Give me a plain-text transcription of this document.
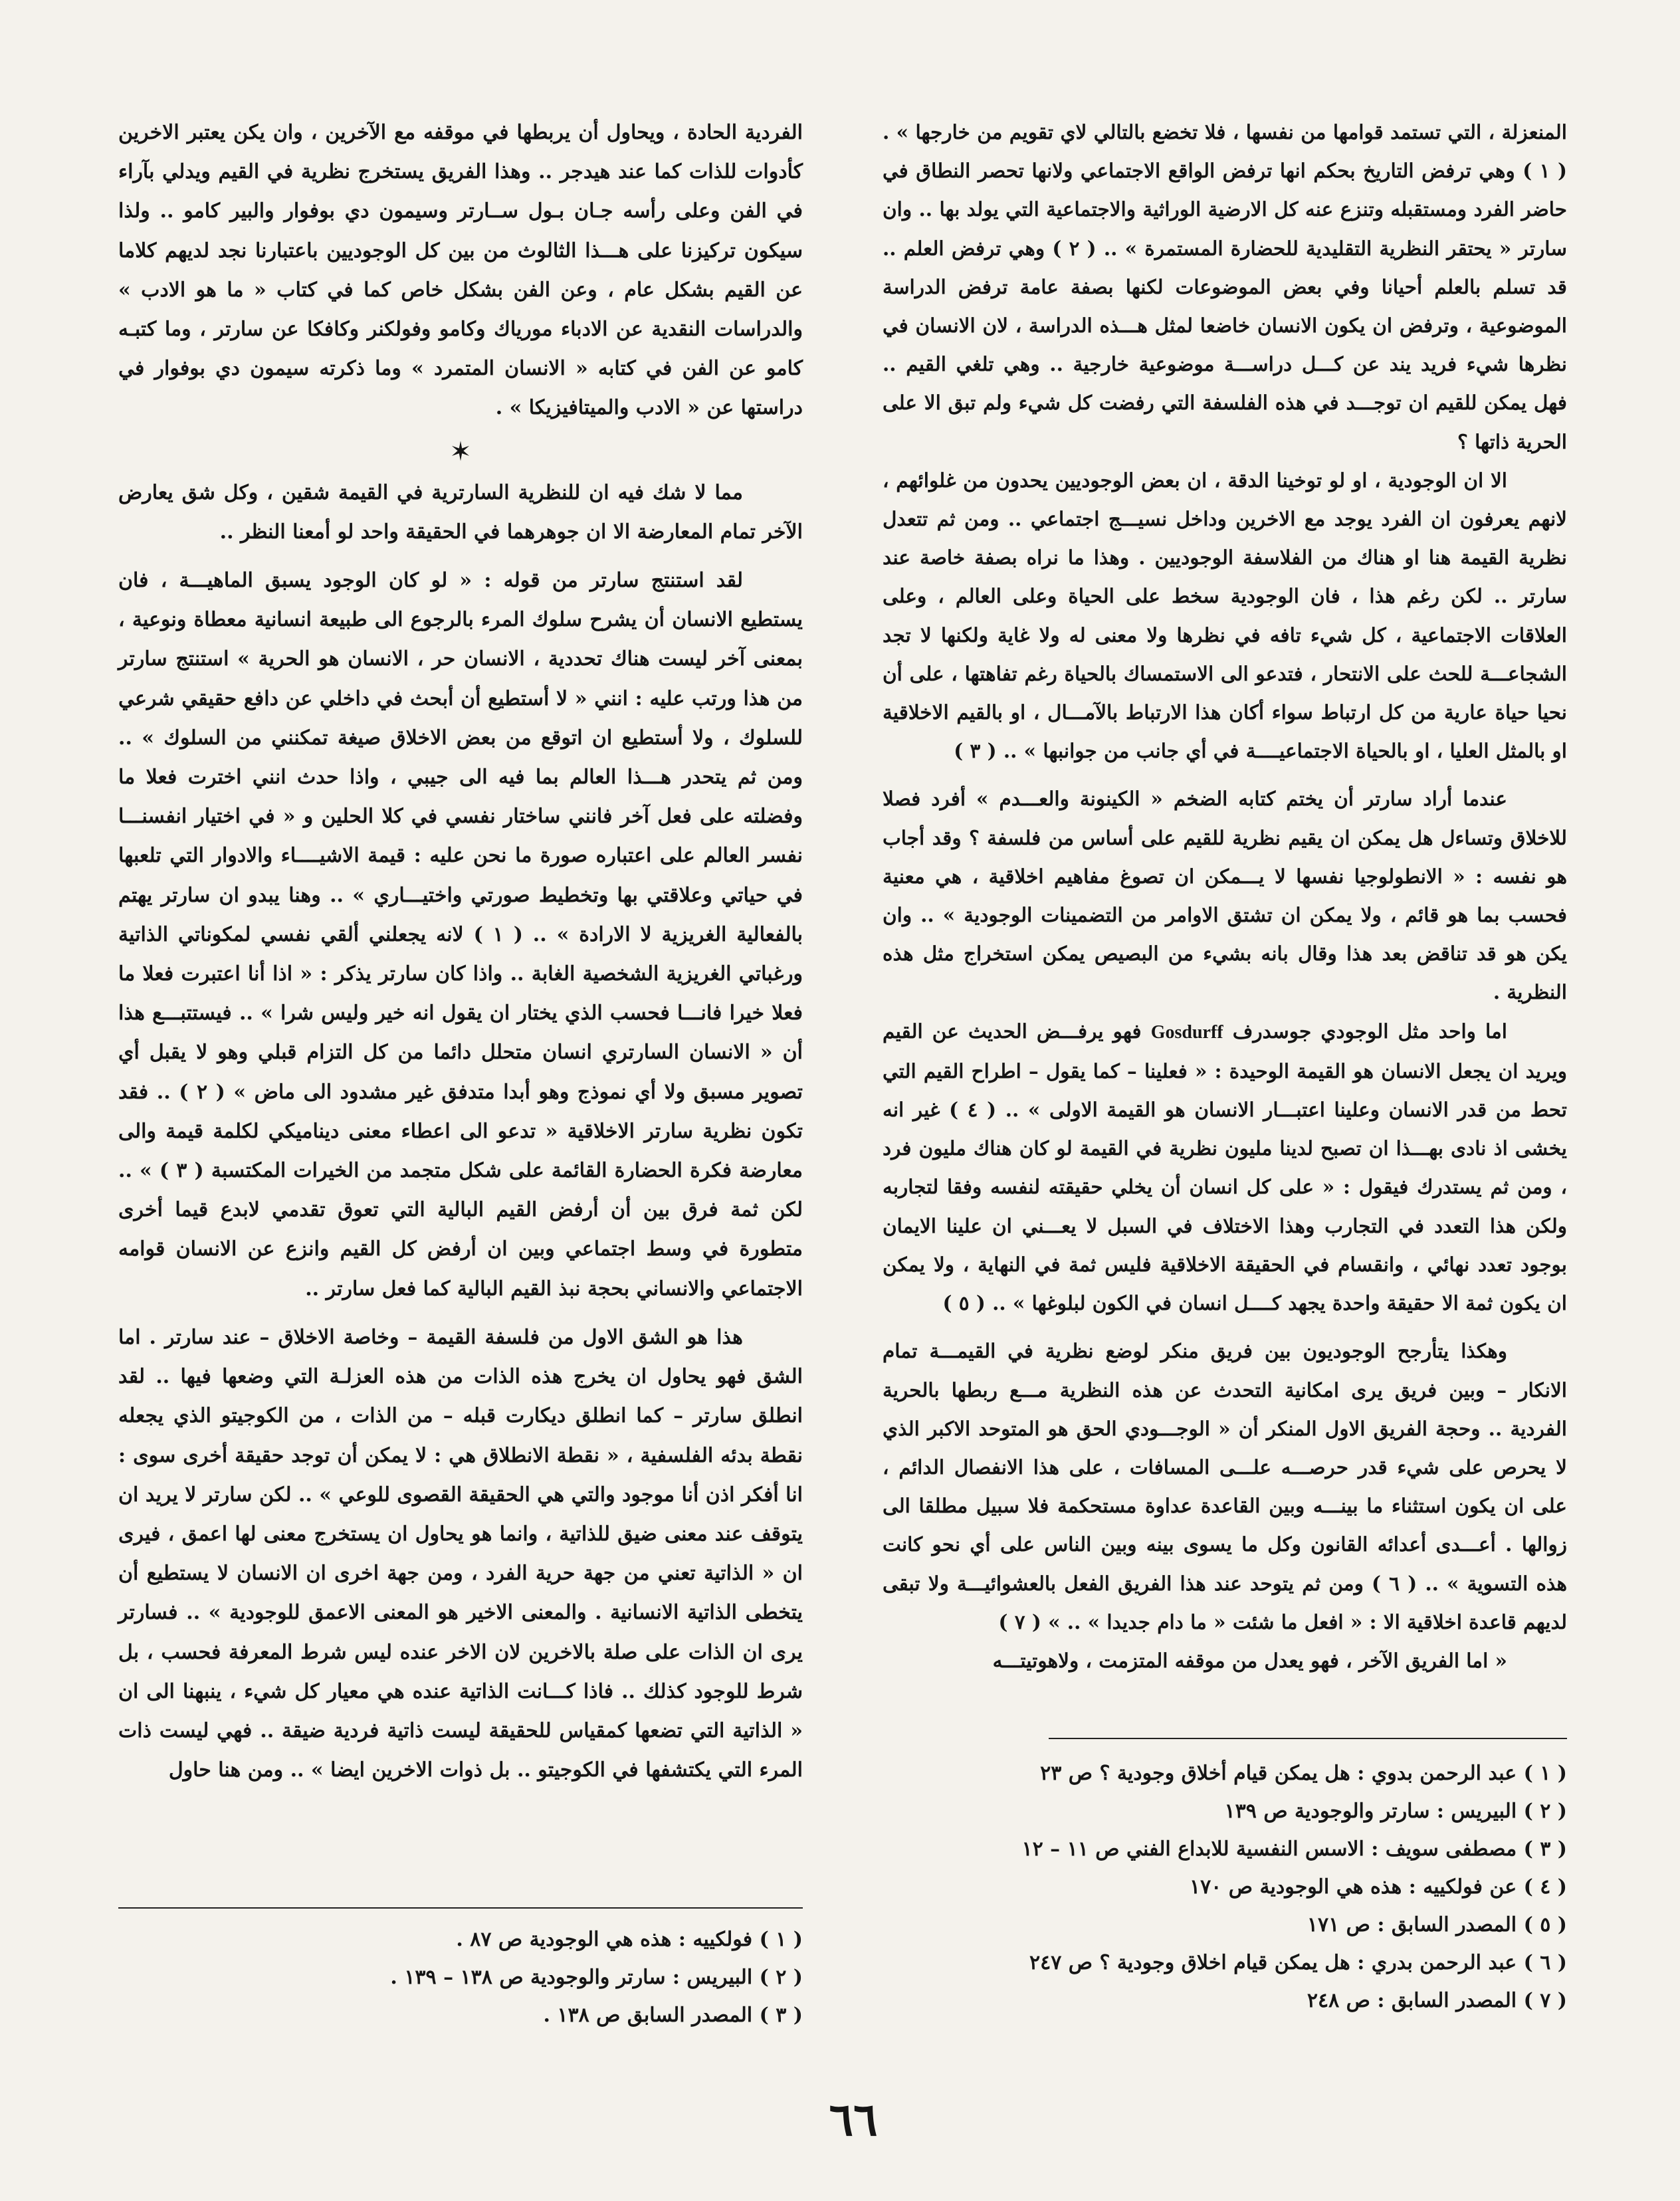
المنعزلة ، التي تستمد قوامها من نفسها ، فلا تخضع بالتالي لاي تقويم من خارجها » . ( ١ ) وهي ترفض التاريخ بحكم انها ترفض الواقع الاجتماعي ولانها تحصر النطاق في حاضر الفرد ومستقبله وتنزع عنه كل الارضية الوراثية والاجتماعية التي يولد بها .. وان سارتر « يحتقر النظرية التقليدية للحضارة المستمرة » .. ( ٢ ) وهي ترفض العلم .. قد تسلم بالعلم أحيانا وفي بعض الموضوعات لكنها بصفة عامة ترفض الدراسة الموضوعية ، وترفض ان يكون الانسان خاضعا لمثل هـــذه الدراسة ، لان الانسان في نظرها شيء فريد يند عن كـــل دراســـة موضوعية خارجية .. وهي تلغي القيم .. فهل يمكن للقيم ان توجـــد في هذه الفلسفة التي رفضت كل شيء ولم تبق الا على الحرية ذاتها ؟

الا ان الوجودية ، او لو توخينا الدقة ، ان بعض الوجوديين يحدون من غلوائهم ، لانهم يعرفون ان الفرد يوجد مع الاخرين وداخل نسيـــج اجتماعي .. ومن ثم تتعدل نظرية القيمة هنا او هناك من الفلاسفة الوجوديين . وهذا ما نراه بصفة خاصة عند سارتر .. لكن رغم هذا ، فان الوجودية سخط على الحياة وعلى العالم ، وعلى العلاقات الاجتماعية ، كل شيء تافه في نظرها ولا معنى له ولا غاية ولكنها لا تجد الشجاعـــة للحث على الانتحار ، فتدعو الى الاستمساك بالحياة رغم تفاهتها ، على أن نحيا حياة عارية من كل ارتباط سواء أكان هذا الارتباط بالآمـــال ، او بالقيم الاخلاقية او بالمثل العليا ، او بالحياة الاجتماعيــــة في أي جانب من جوانبها » .. ( ٣ )

عندما أراد سارتر أن يختم كتابه الضخم « الكينونة والعـــدم » أفرد فصلا للاخلاق وتساءل هل يمكن ان يقيم نظرية للقيم على أساس من فلسفة ؟ وقد أجاب هو نفسه : « الانطولوجيا نفسها لا يـــمكن ان تصوغ مفاهيم اخلاقية ، هي معنية فحسب بما هو قائم ، ولا يمكن ان تشتق الاوامر من التضمينات الوجودية » .. وان يكن هو قد تناقض بعد هذا وقال بانه بشيء من البصيص يمكن استخراج مثل هذه النظرية .

اما واحد مثل الوجودي جوسدرف Gosdurff فهو يرفـــض الحديث عن القيم ويريد ان يجعل الانسان هو القيمة الوحيدة : « فعلينا – كما يقول – اطراح القيم التي تحط من قدر الانسان وعلينا اعتبـــار الانسان هو القيمة الاولى » .. ( ٤ ) غير انه يخشى اذ نادى بهـــذا ان تصبح لدينا مليون نظرية في القيمة لو كان هناك مليون فرد ، ومن ثم يستدرك فيقول : « على كل انسان أن يخلي حقيقته لنفسه وفقا لتجاربه ولكن هذا التعدد في التجارب وهذا الاختلاف في السبل لا يعـــني ان علينا الايمان بوجود تعدد نهائي ، وانقسام في الحقيقة الاخلاقية فليس ثمة في النهاية ، ولا يمكن ان يكون ثمة الا حقيقة واحدة يجهد كــــل انسان في الكون لبلوغها » .. ( ٥ )

وهكذا يتأرجح الوجوديون بين فريق منكر لوضع نظرية في القيمـــة تمام الانكار – وبين فريق يرى امكانية التحدث عن هذه النظرية مـــع ربطها بالحرية الفردية .. وحجة الفريق الاول المنكر أن « الوجـــودي الحق هو المتوحد الاكبر الذي لا يحرص على شيء قدر حرصـــه علـــى المسافات ، على هذا الانفصال الدائم ، على ان يكون استثناء ما بينـــه وبين القاعدة عداوة مستحكمة فلا سبيل مطلقا الى زوالها . أعـــدى أعدائه القانون وكل ما يسوى بينه وبين الناس على أي نحو كانت هذه التسوية » .. ( ٦ ) ومن ثم يتوحد عند هذا الفريق الفعل بالعشوائيـــة ولا تبقى لديهم قاعدة اخلاقية الا : « افعل ما شئت « ما دام جديدا » .. » ( ٧ )

« اما الفريق الآخر ، فهو يعدل من موقفه المتزمت ، ولاهوتيتـــه

( ١ ) عبد الرحمن بدوي : هل يمكن قيام أخلاق وجودية ؟ ص ٢٣
( ٢ ) البيريس : سارتر والوجودية ص ١٣٩
( ٣ ) مصطفى سويف : الاسس النفسية للابداع الفني ص ١١ – ١٢
( ٤ ) عن فولكييه : هذه هي الوجودية ص ١٧٠
( ٥ ) المصدر السابق : ص ١٧١
( ٦ ) عبد الرحمن بدري : هل يمكن قيام اخلاق وجودية ؟ ص ٢٤٧
( ٧ ) المصدر السابق : ص ٢٤٨

الفردية الحادة ، ويحاول أن يربطها في موقفه مع الآخرين ، وان يكن يعتبر الاخرين كأدوات للذات كما عند هيدجر .. وهذا الفريق يستخرج نظرية في القيم ويدلي بآراء في الفن وعلى رأسه جـان بـول ســارتر وسيمون دي بوفوار والبير كامو .. ولذا سيكون تركيزنا على هـــذا الثالوث من بين كل الوجوديين باعتبارنا نجد لديهم كلاما عن القيم بشكل عام ، وعن الفن بشكل خاص كما في كتاب « ما هو الادب » والدراسات النقدية عن الادباء موریاك وكامو وفولكنر وكافكا عن سارتر ، وما كتبـه كامو عن الفن في كتابه « الانسان المتمرد » وما ذكرته سيمون دي بوفوار في دراستها عن « الادب والميتافيزيكا » .

✶

مما لا شك فيه ان للنظرية السارترية في القيمة شقين ، وكل شق يعارض الآخر تمام المعارضة الا ان جوهرهما في الحقيقة واحد لو أمعنا النظر ..

لقد استنتج سارتر من قوله : « لو كان الوجود يسبق الماهيـــة ، فان يستطيع الانسان أن يشرح سلوك المرء بالرجوع الى طبيعة انسانية معطاة ونوعية ، بمعنى آخر ليست هناك تحددية ، الانسان حر ، الانسان هو الحرية » استنتج سارتر من هذا ورتب عليه : انني « لا أستطيع أن أبحث في داخلي عن دافع حقيقي شرعي للسلوك ، ولا أستطيع ان اتوقع من بعض الاخلاق صيغة تمكنني من السلوك » .. ومن ثم يتحدر هـــذا العالم بما فيه الى جيبي ، واذا حدث انني اخترت فعلا ما وفضلته على فعل آخر فانني ساختار نفسي في كلا الحلين و « في اختيار انفسنـــا نفسر العالم على اعتباره صورة ما نحن عليه : قيمة الاشيــــاء والادوار التي تلعبها في حياتي وعلاقتي بها وتخطيط صورتي واختيـــاري » .. وهنا يبدو ان سارتر يهتم بالفعالية الغريزية لا الارادة » .. ( ١ ) لانه يجعلني ألقي نفسي لمكوناتي الذاتية ورغباتي الغريزية الشخصية الغابة .. واذا كان سارتر يذكر : « اذا أنا اعتبرت فعلا ما فعلا خيرا فانـــا فحسب الذي يختار ان يقول انه خير وليس شرا » .. فيستتبـــع هذا أن « الانسان السارتري انسان متحلل دائما من كل التزام قبلي وهو لا يقبل أي تصوير مسبق ولا أي نموذج وهو أبدا متدفق غير مشدود الى ماض » ( ٢ ) .. فقد تكون نظرية سارتر الاخلاقية « تدعو الى اعطاء معنى ديناميكي لكلمة قيمة والى معارضة فكرة الحضارة القائمة على شكل متجمد من الخيرات المكتسبة ( ٣ ) » .. لكن ثمة فرق بين أن أرفض القيم البالية التي تعوق تقدمي لابدع قيما أخرى متطورة في وسط اجتماعي وبين ان أرفض كل القيم وانزع عن الانسان قوامه الاجتماعي والانساني بحجة نبذ القيم البالية كما فعل سارتر ..

هذا هو الشق الاول من فلسفة القيمة – وخاصة الاخلاق – عند سارتر . اما الشق فهو يحاول ان يخرج هذه الذات من هذه العزلـة التي وضعها فيها .. لقد انطلق سارتر – كما انطلق ديكارت قبله – من الذات ، من الكوجيتو الذي يجعله نقطة بدئه الفلسفية ، « نقطة الانطلاق هي : لا يمكن أن توجد حقيقة أخرى سوى : انا أفكر اذن أنا موجود والتي هي الحقيقة القصوى للوعي » .. لكن سارتر لا يريد ان يتوقف عند معنى ضيق للذاتية ، وانما هو يحاول ان يستخرج معنى لها اعمق ، فيرى ان « الذاتية تعني من جهة حرية الفرد ، ومن جهة اخرى ان الانسان لا يستطيع أن يتخطى الذاتية الانسانية . والمعنى الاخير هو المعنى الاعمق للوجودية » .. فسارتر يرى ان الذات على صلة بالاخرين لان الاخر عنده ليس شرط المعرفة فحسب ، بل شرط للوجود كذلك .. فاذا كـــانت الذاتية عنده هي معيار كل شيء ، ينبهنا الى ان « الذاتية التي تضعها كمقياس للحقيقة ليست ذاتية فردية ضيقة .. فهي ليست ذات المرء التي يكتشفها في الكوجيتو .. بل ذوات الاخرين ايضا » .. ومن هنا حاول

( ١ ) فولكييه : هذه هي الوجودية ص ٨٧ .
( ٢ ) البيريس : سارتر والوجودية ص ١٣٨ – ١٣٩ .
( ٣ ) المصدر السابق ص ١٣٨ .
٦٦
